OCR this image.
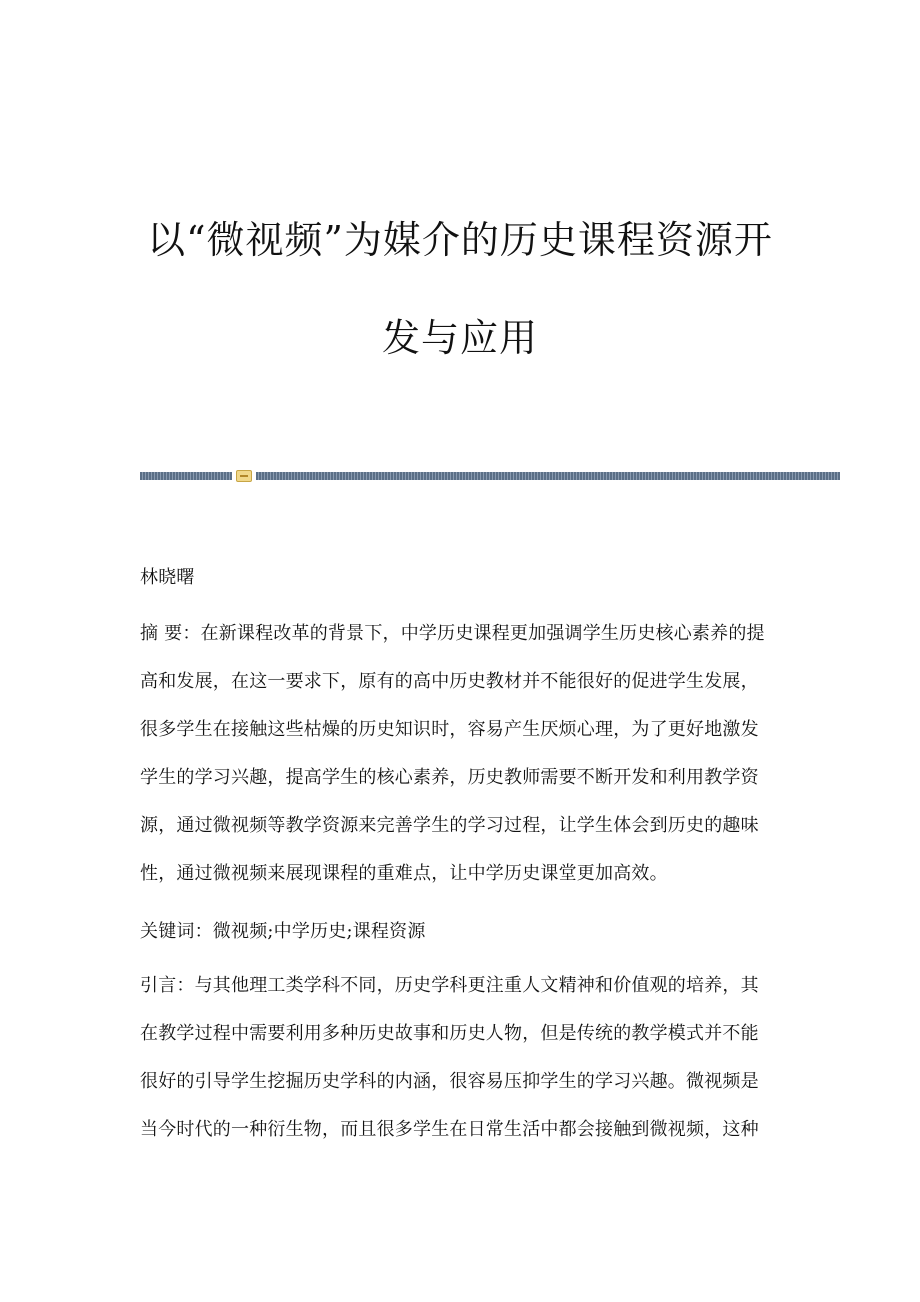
以“微视频”为媒介的历史课程资源开
发与应用
林晓曙
摘 要：在新课程改革的背景下，中学历史课程更加强调学生历史核心素养的提
高和发展，在这一要求下，原有的高中历史教材并不能很好的促进学生发展，
很多学生在接触这些枯燥的历史知识时，容易产生厌烦心理，为了更好地激发
学生的学习兴趣，提高学生的核心素养，历史教师需要不断开发和利用教学资
源，通过微视频等教学资源来完善学生的学习过程，让学生体会到历史的趣味
性，通过微视频来展现课程的重难点，让中学历史课堂更加高效。
关键词：微视频;中学历史;课程资源
引言：与其他理工类学科不同，历史学科更注重人文精神和价值观的培养，其
在教学过程中需要利用多种历史故事和历史人物，但是传统的教学模式并不能
很好的引导学生挖掘历史学科的内涵，很容易压抑学生的学习兴趣。微视频是
当今时代的一种衍生物，而且很多学生在日常生活中都会接触到微视频，这种
